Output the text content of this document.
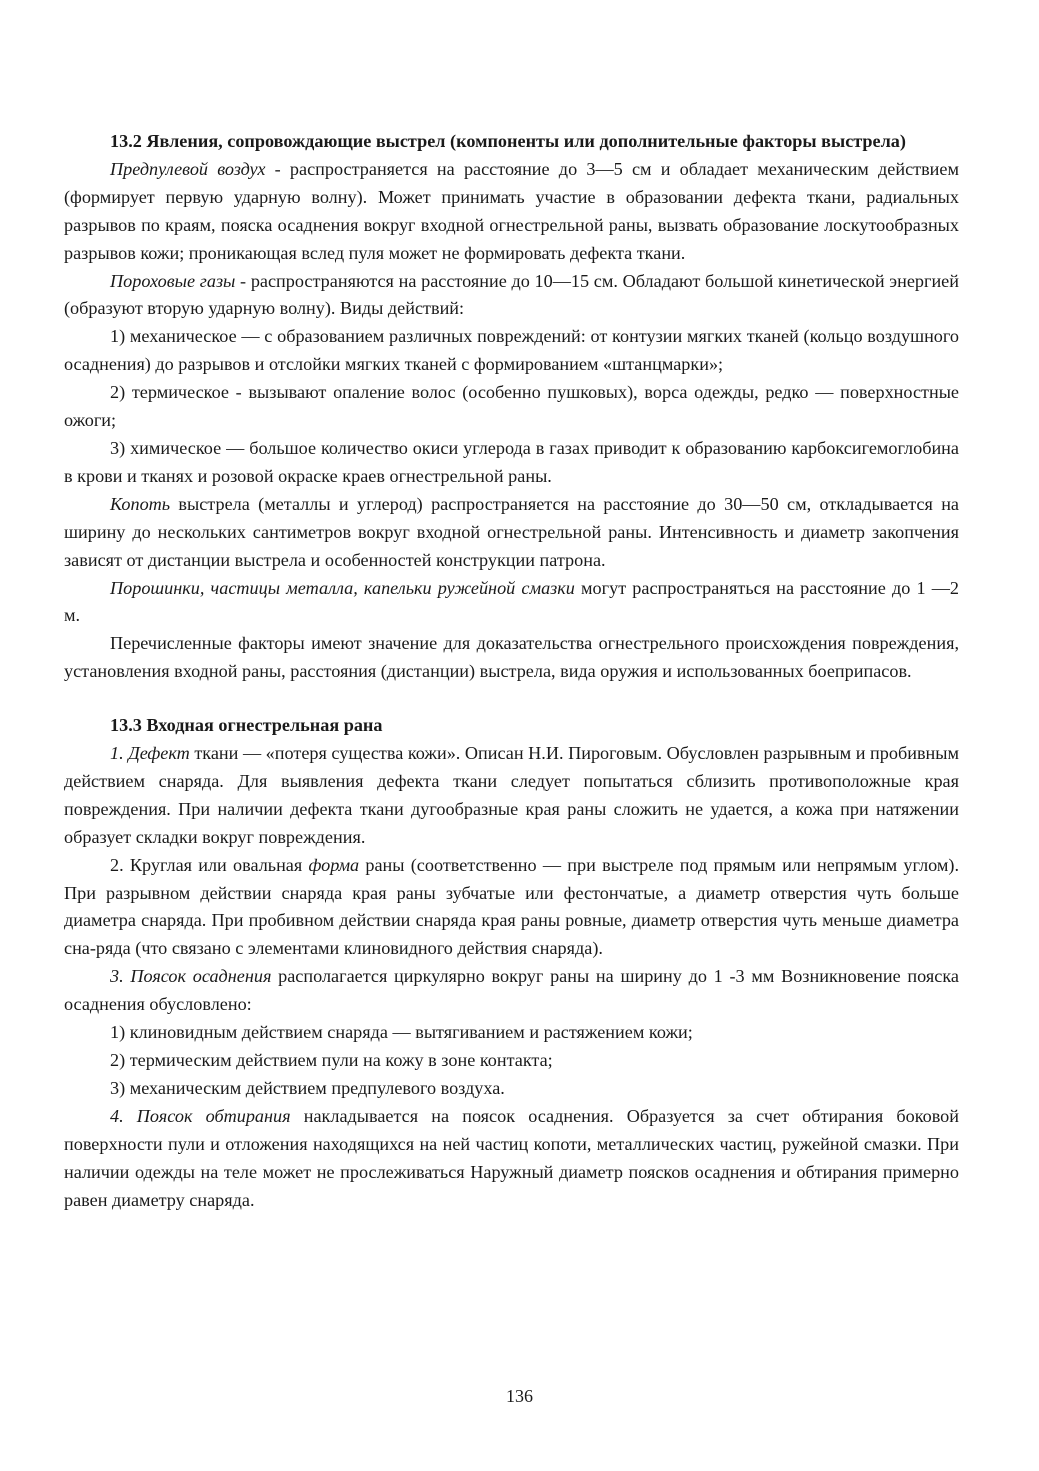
13.2 Явления, сопровождающие выстрел (компоненты или дополнительные факторы выстрела)

Предпулевой воздух - распространяется на расстояние до 3—5 см и обладает механическим действием (формирует первую ударную волну). Может принимать участие в образовании дефекта ткани, радиальных разрывов по краям, пояска осаднения вокруг входной огнестрельной раны, вызвать образование лоскутообразных разрывов кожи; проникающая вслед пуля может не формировать дефекта ткани.

Пороховые газы - распространяются на расстояние до 10—15 см. Обладают большой кинетической энергией (образуют вторую ударную волну). Виды действий:

1) механическое — с образованием различных повреждений: от контузии мягких тканей (кольцо воздушного осаднения) до разрывов и отслойки мягких тканей с формированием «штанцмарки»;

2) термическое - вызывают опаление волос (особенно пушковых), ворса одежды, редко — поверхностные ожоги;

3) химическое — большое количество окиси углерода в газах приводит к образованию карбоксигемоглобина в крови и тканях и розовой окраске краев огнестрельной раны.

Копоть выстрела (металлы и углерод) распространяется на расстояние до 30—50 см, откладывается на ширину до нескольких сантиметров вокруг входной огнестрельной раны. Интенсивность и диаметр закопчения зависят от дистанции выстрела и особенностей конструкции патрона.

Порошинки, частицы металла, капельки ружейной смазки могут распространяться на расстояние до 1 —2 м.

Перечисленные факторы имеют значение для доказательства огнестрельного происхождения повреждения, установления входной раны, расстояния (дистанции) выстрела, вида оружия и использованных боеприпасов.

13.3 Входная огнестрельная рана

1. Дефект ткани — «потеря существа кожи». Описан Н.И. Пироговым. Обусловлен разрывным и пробивным действием снаряда. Для выявления дефекта ткани следует попытаться сблизить противоположные края повреждения. При наличии дефекта ткани дугообразные края раны сложить не удается, а кожа при натяжении образует складки вокруг повреждения.

2. Круглая или овальная форма раны (соответственно — при выстреле под прямым или непрямым углом). При разрывном действии снаряда края раны зубчатые или фестончатые, а диаметр отверстия чуть больше диаметра снаряда. При пробивном действии снаряда края раны ровные, диаметр отверстия чуть меньше диаметра сна-ряда (что связано с элементами клиновидного действия снаряда).

3. Поясок осаднения располагается циркулярно вокруг раны на ширину до 1 -3 мм Возникновение пояска осаднения обусловлено:

1) клиновидным действием снаряда — вытягиванием и растяжением кожи;

2) термическим действием пули на кожу в зоне контакта;

3) механическим действием предпулевого воздуха.

4. Поясок обтирания накладывается на поясок осаднения. Образуется за счет обтирания боковой поверхности пули и отложения находящихся на ней частиц копоти, металлических частиц, ружейной смазки. При наличии одежды на теле может не прослеживаться Наружный диаметр поясков осаднения и обтирания примерно равен диаметру снаряда.

136
